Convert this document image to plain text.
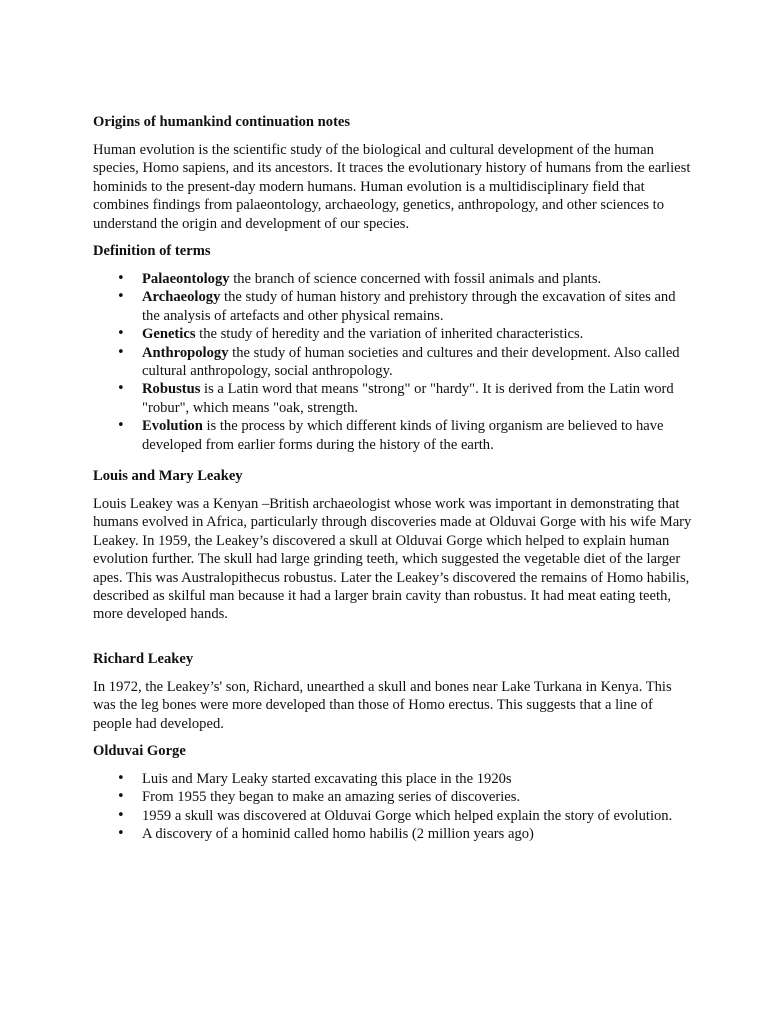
Origins of humankind continuation notes

Human evolution is the scientific study of the biological and cultural development of the human species, Homo sapiens, and its ancestors. It traces the evolutionary history of humans from the earliest hominids to the present-day modern humans. Human evolution is a multidisciplinary field that combines findings from palaeontology, archaeology, genetics, anthropology, and other sciences to understand the origin and development of our species.

Definition of terms
• Palaeontology the branch of science concerned with fossil animals and plants.
• Archaeology the study of human history and prehistory through the excavation of sites and the analysis of artefacts and other physical remains.
• Genetics the study of heredity and the variation of inherited characteristics.
• Anthropology the study of human societies and cultures and their development. Also called cultural anthropology, social anthropology.
• Robustus is a Latin word that means "strong" or "hardy". It is derived from the Latin word "robur", which means "oak, strength.
• Evolution is the process by which different kinds of living organism are believed to have developed from earlier forms during the history of the earth.
Louis and Mary Leakey

Louis Leakey was a Kenyan –British archaeologist whose work was important in demonstrating that humans evolved in Africa, particularly through discoveries made at Olduvai Gorge with his wife Mary Leakey. In 1959, the Leakey’s discovered a skull at Olduvai Gorge which helped to explain human evolution further. The skull had large grinding teeth, which suggested the vegetable diet of the larger apes. This was Australopithecus robustus. Later the Leakey’s discovered the remains of Homo habilis, described as skilful man because it had a larger brain cavity than robustus. It had meat eating teeth, more developed hands.

Richard Leakey

In 1972, the Leakey’s' son, Richard, unearthed a skull and bones near Lake Turkana in Kenya. This was the leg bones were more developed than those of Homo erectus. This suggests that a line of people had developed.

Olduvai Gorge
• Luis and Mary Leaky started excavating this place in the 1920s
• From 1955 they began to make an amazing series of discoveries.
• 1959 a skull was discovered at Olduvai Gorge which helped explain the story of evolution.
• A discovery of a hominid called homo habilis (2 million years ago)
